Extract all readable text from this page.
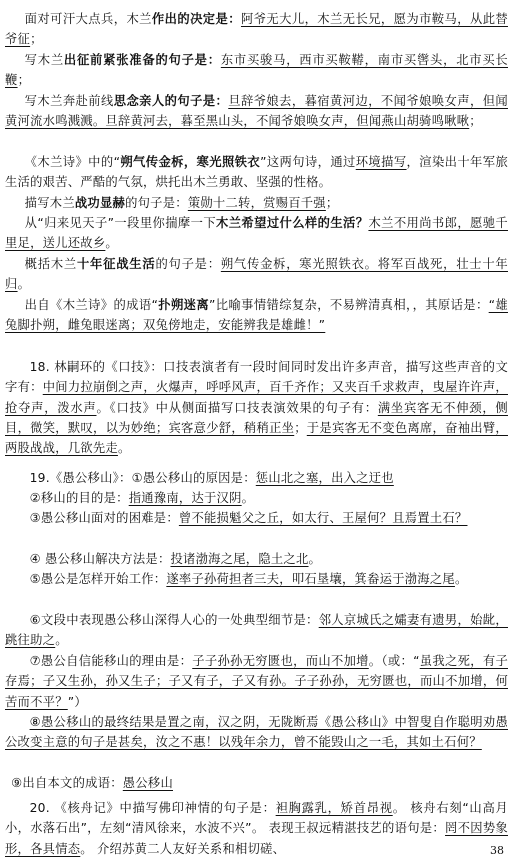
面对可汗大点兵，木兰作出的决定是：阿爷无大儿，木兰无长兄，愿为市鞍马，从此替爷征；
写木兰出征前紧张准备的句子是：东市买骏马，西市买鞍鞯，南市买辔头，北市买长鞭；
写木兰奔赴前线思念亲人的句子是：旦辞爷娘去，暮宿黄河边，不闻爷娘唤女声，但闻黄河流水鸣溅溅。旦辞黄河去，暮至黑山头，不闻爷娘唤女声，但闻燕山胡骑鸣啾啾；
《木兰诗》中的“朔气传金柝，寒光照铁衣”这两句诗，通过环境描写，渲染出十年军旅生活的艰苦、严酷的气氛，烘托出木兰勇敢、坚强的性格。
描写木兰战功显赫的句子是：策勋十二转，赏赐百千强；
从“归来见天子”一段里你揣摩一下木兰希望过什么样的生活？木兰不用尚书郎，愿驰千里足，送儿还故乡。
概括木兰十年征战生活的句子是：朔气传金柝，寒光照铁衣。将军百战死，壮士十年归。
出自《木兰诗》的成语“扑朔迷离”比喻事情错综复杂，不易辨清真相，，其原话是：“雄兔脚扑朔，雌兔眼迷离；双兔傍地走，安能辨我是雄雌！”
18. 林嗣环的《口技》：口技表演者有一段时间同时发出许多声音，描写这些声音的文字有：中间力拉崩倒之声，火爆声，呼呼风声，百千齐作；又夹百千求救声，曳屋许许声，抢夺声，泼水声。《口技》中从侧面描写口技表演效果的句子有：满坐宾客无不伸颈，侧目，微笑，默叹，以为妙绝；宾客意少舒，稍稍正坐；于是宾客无不变色离席，奋袖出臂，两股战战，几欲先走。
19.《愚公移山》：①愚公移山的原因是：惩山北之塞，出入之迂也
②移山的目的是：指通豫南，达于汉阴。
③愚公移山面对的困难是：曾不能损魁父之丘，如太行、王屋何？且焉置土石？
④ 愚公移山解决方法是：投诸渤海之尾，隐土之北。
⑤愚公是怎样开始工作：遂率子孙荷担者三夫，叩石垦壤，箕畚运于渤海之尾。
⑥文段中表现愚公移山深得人心的一处典型细节是：邻人京城氏之孀妻有遗男，始龀，跳往助之。
⑦愚公自信能移山的理由是：子子孙孙无穷匮也，而山不加增。（或：“虽我之死，有子存焉；子又生孙，孙又生子；子又有子，子又有孙。子子孙孙，无穷匮也，而山不加增，何苦而不平？”）
⑧愚公移山的最终结果是置之南，汉之阴，无陇断焉《愚公移山》中智叟自作聪明劝愚公改变主意的句子是甚矣，汝之不惠！以残年余力，曾不能毁山之一毛，其如土石何？
⑨出自本文的成语：愚公移山
20. 《核舟记》中描写佛印神情的句子是：袒胸露乳，矫首昂视。 核舟右刻“山高月小，水落石出”，左刻“清风徐来，水波不兴”。 表现王叔远精湛技艺的语句是：罔不因势象形，各具情态。 介绍苏黄二人友好关系和相切磋、	38
